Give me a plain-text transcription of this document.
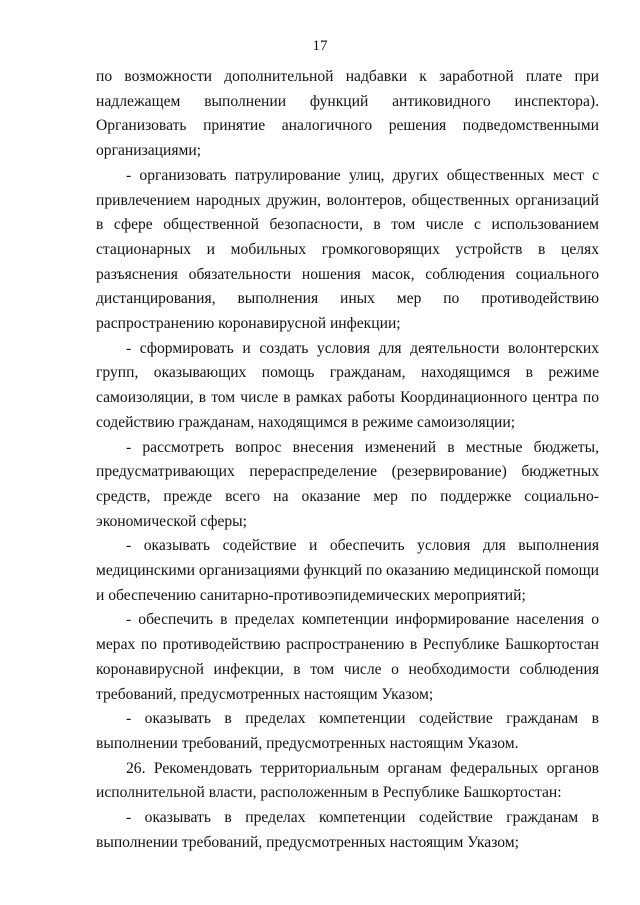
17

по возможности дополнительной надбавки к заработной плате при надлежащем выполнении функций антиковидного инспектора). Организовать принятие аналогичного решения подведомственными организациями;

- организовать патрулирование улиц, других общественных мест с привлечением народных дружин, волонтеров, общественных организаций в сфере общественной безопасности, в том числе с использованием стационарных и мобильных громкоговорящих устройств в целях разъяснения обязательности ношения масок, соблюдения социального дистанцирования, выполнения иных мер по противодействию распространению коронавирусной инфекции;

- сформировать и создать условия для деятельности волонтерских групп, оказывающих помощь гражданам, находящимся в режиме самоизоляции, в том числе в рамках работы Координационного центра по содействию гражданам, находящимся в режиме самоизоляции;

- рассмотреть вопрос внесения изменений в местные бюджеты, предусматривающих перераспределение (резервирование) бюджетных средств, прежде всего на оказание мер по поддержке социально-экономической сферы;

- оказывать содействие и обеспечить условия для выполнения медицинскими организациями функций по оказанию медицинской помощи и обеспечению санитарно-противоэпидемических мероприятий;

- обеспечить в пределах компетенции информирование населения о мерах по противодействию распространению в Республике Башкортостан коронавирусной инфекции, в том числе о необходимости соблюдения требований, предусмотренных настоящим Указом;

- оказывать в пределах компетенции содействие гражданам в выполнении требований, предусмотренных настоящим Указом.

26. Рекомендовать территориальным органам федеральных органов исполнительной власти, расположенным в Республике Башкортостан:

- оказывать в пределах компетенции содействие гражданам в выполнении требований, предусмотренных настоящим Указом;
